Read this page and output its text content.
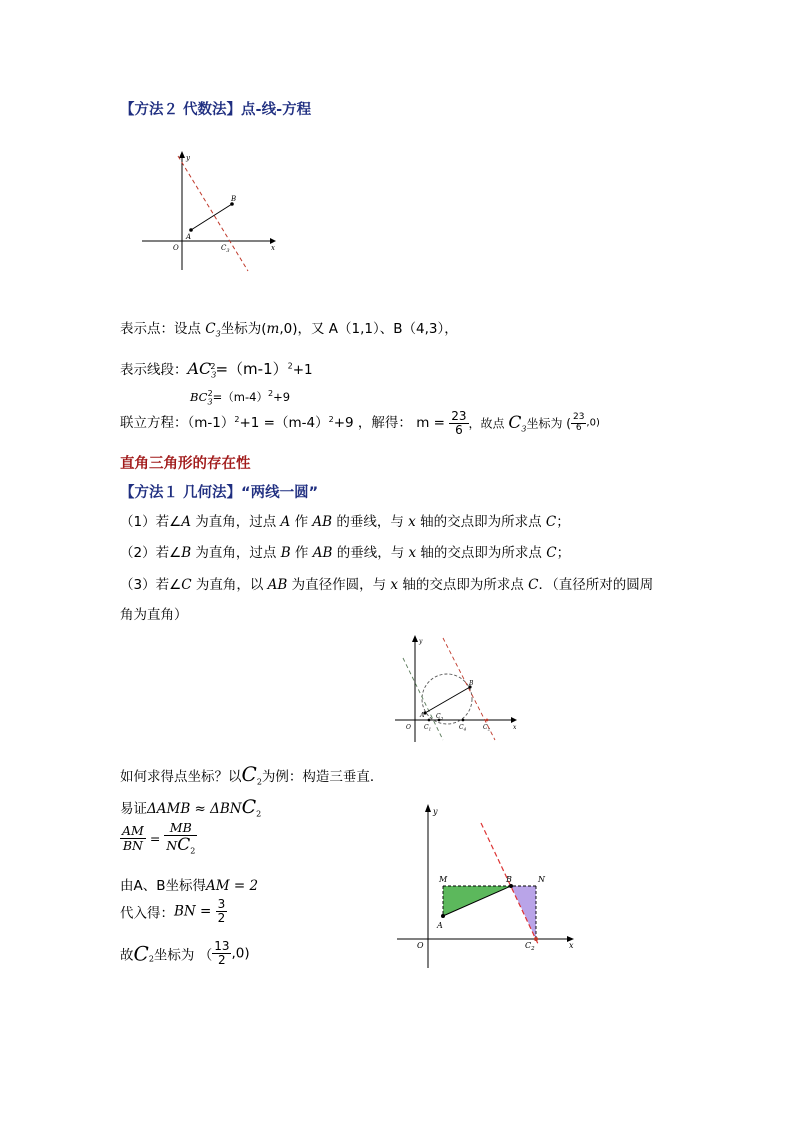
【方法２ 代数法】点-线-方程
y
x
O
A
B
$C_3$
表示点：设点 $C_3$坐标为(m,0)，又 A（1,1）、B（4,3），
表示线段：$AC_3^2=(m-1)^2+1$
$BC_3^2=(m-4)^2+9$
联立方程：$(m-1)^2+1 =(m-4)^2+9$ ，解得： $m = \frac{23}{6}$ ，故点 $C_3$坐标为 ( $\frac{23}{6} ,0$)
直角三角形的存在性
【方法１ 几何法】“两线一圆”
（1）若∠A 为直角，过点 A 作 AB 的垂线，与 x 轴的交点即为所求点 C；
（2）若∠B 为直角，过点 B 作 AB 的垂线，与 x 轴的交点即为所求点 C；
（3）若∠C 为直角，以 AB 为直径作圆，与 x 轴的交点即为所求点 C．（直径所对的圆周
角为直角）
y
x
O
A
B
$C_1$
$C_3$
$C_4$	$C_2$
如何求得点坐标？以$C_2$为例：构造三垂直．
易证$\Delta AMB \approx \Delta BNC_2$
$\frac{AM}{BN} = \frac{MB}{NC_2}$
由A、B坐标得AM = 2
代入得：BN = $\frac{3}{2}$
故$C_2$坐标为 （ $\frac{13}{2} ,0$)
y
x
O
A
B
M	N
$C_2$
